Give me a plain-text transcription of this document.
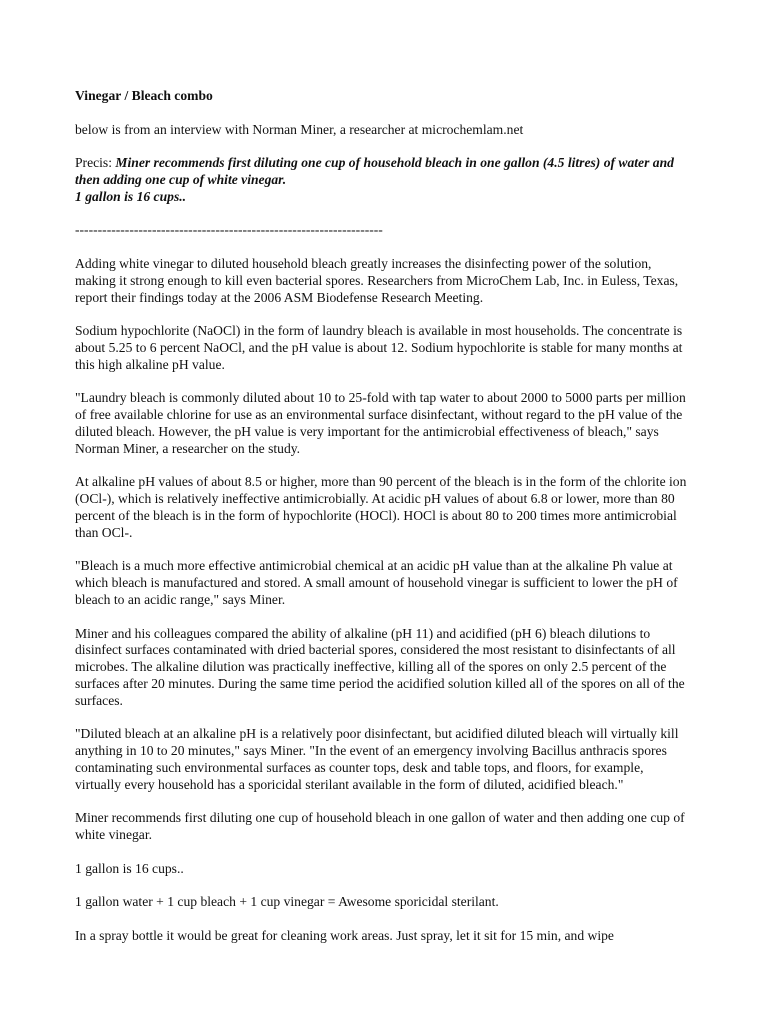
Vinegar / Bleach combo

below is from an interview with Norman Miner, a researcher at microchemlam.net

Precis: Miner recommends first diluting one cup of household bleach in one gallon (4.5 litres) of water and then adding one cup of white vinegar.
1 gallon is 16 cups..

--------------------------------------------------------------------

Adding white vinegar to diluted household bleach greatly increases the disinfecting power of the solution, making it strong enough to kill even bacterial spores. Researchers from MicroChem Lab, Inc. in Euless, Texas, report their findings today at the 2006 ASM Biodefense Research Meeting.

Sodium hypochlorite (NaOCl) in the form of laundry bleach is available in most households. The concentrate is about 5.25 to 6 percent NaOCl, and the pH value is about 12. Sodium hypochlorite is stable for many months at this high alkaline pH value.

"Laundry bleach is commonly diluted about 10 to 25-fold with tap water to about 2000 to 5000 parts per million of free available chlorine for use as an environmental surface disinfectant, without regard to the pH value of the diluted bleach. However, the pH value is very important for the antimicrobial effectiveness of bleach," says Norman Miner, a researcher on the study.

At alkaline pH values of about 8.5 or higher, more than 90 percent of the bleach is in the form of the chlorite ion (OCl-), which is relatively ineffective antimicrobially. At acidic pH values of about 6.8 or lower, more than 80 percent of the bleach is in the form of hypochlorite (HOCl). HOCl is about 80 to 200 times more antimicrobial than OCl-.

"Bleach is a much more effective antimicrobial chemical at an acidic pH value than at the alkaline Ph value at which bleach is manufactured and stored. A small amount of household vinegar is sufficient to lower the pH of bleach to an acidic range," says Miner.

Miner and his colleagues compared the ability of alkaline (pH 11) and acidified (pH 6) bleach dilutions to disinfect surfaces contaminated with dried bacterial spores, considered the most resistant to disinfectants of all microbes. The alkaline dilution was practically ineffective, killing all of the spores on only 2.5 percent of the surfaces after 20 minutes. During the same time period the acidified solution killed all of the spores on all of the surfaces.

"Diluted bleach at an alkaline pH is a relatively poor disinfectant, but acidified diluted bleach will virtually kill anything in 10 to 20 minutes," says Miner. "In the event of an emergency involving Bacillus anthracis spores contaminating such environmental surfaces as counter tops, desk and table tops, and floors, for example, virtually every household has a sporicidal sterilant available in the form of diluted, acidified bleach."

Miner recommends first diluting one cup of household bleach in one gallon of water and then adding one cup of white vinegar.

1 gallon is 16 cups..

1 gallon water + 1 cup bleach + 1 cup vinegar = Awesome sporicidal sterilant.

In a spray bottle it would be great for cleaning work areas. Just spray, let it sit for 15 min, and wipe
